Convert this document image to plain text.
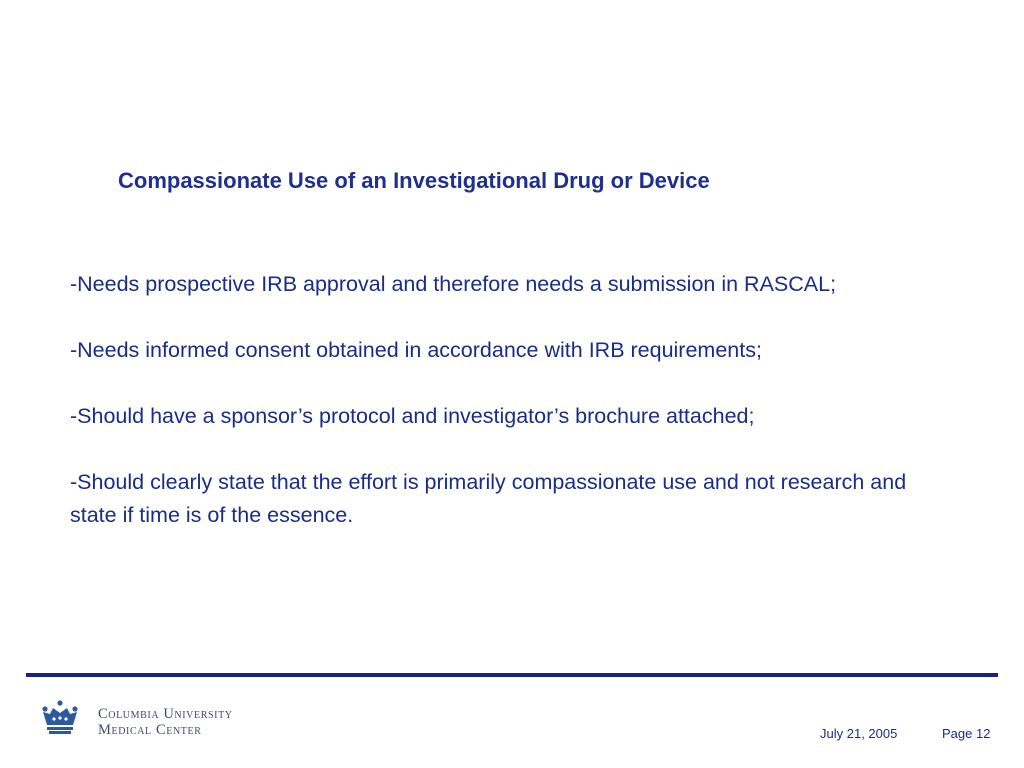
Compassionate Use of an Investigational Drug or Device

-Needs prospective IRB approval and therefore needs a submission in RASCAL;

-Needs informed consent obtained in accordance with IRB requirements;

-Should have a sponsor’s protocol and investigator’s brochure attached;

-Should clearly state that the effort is primarily compassionate use and not research and state if time is of the essence.

Columbia University
Medical Center	July 21, 2005	Page 12
